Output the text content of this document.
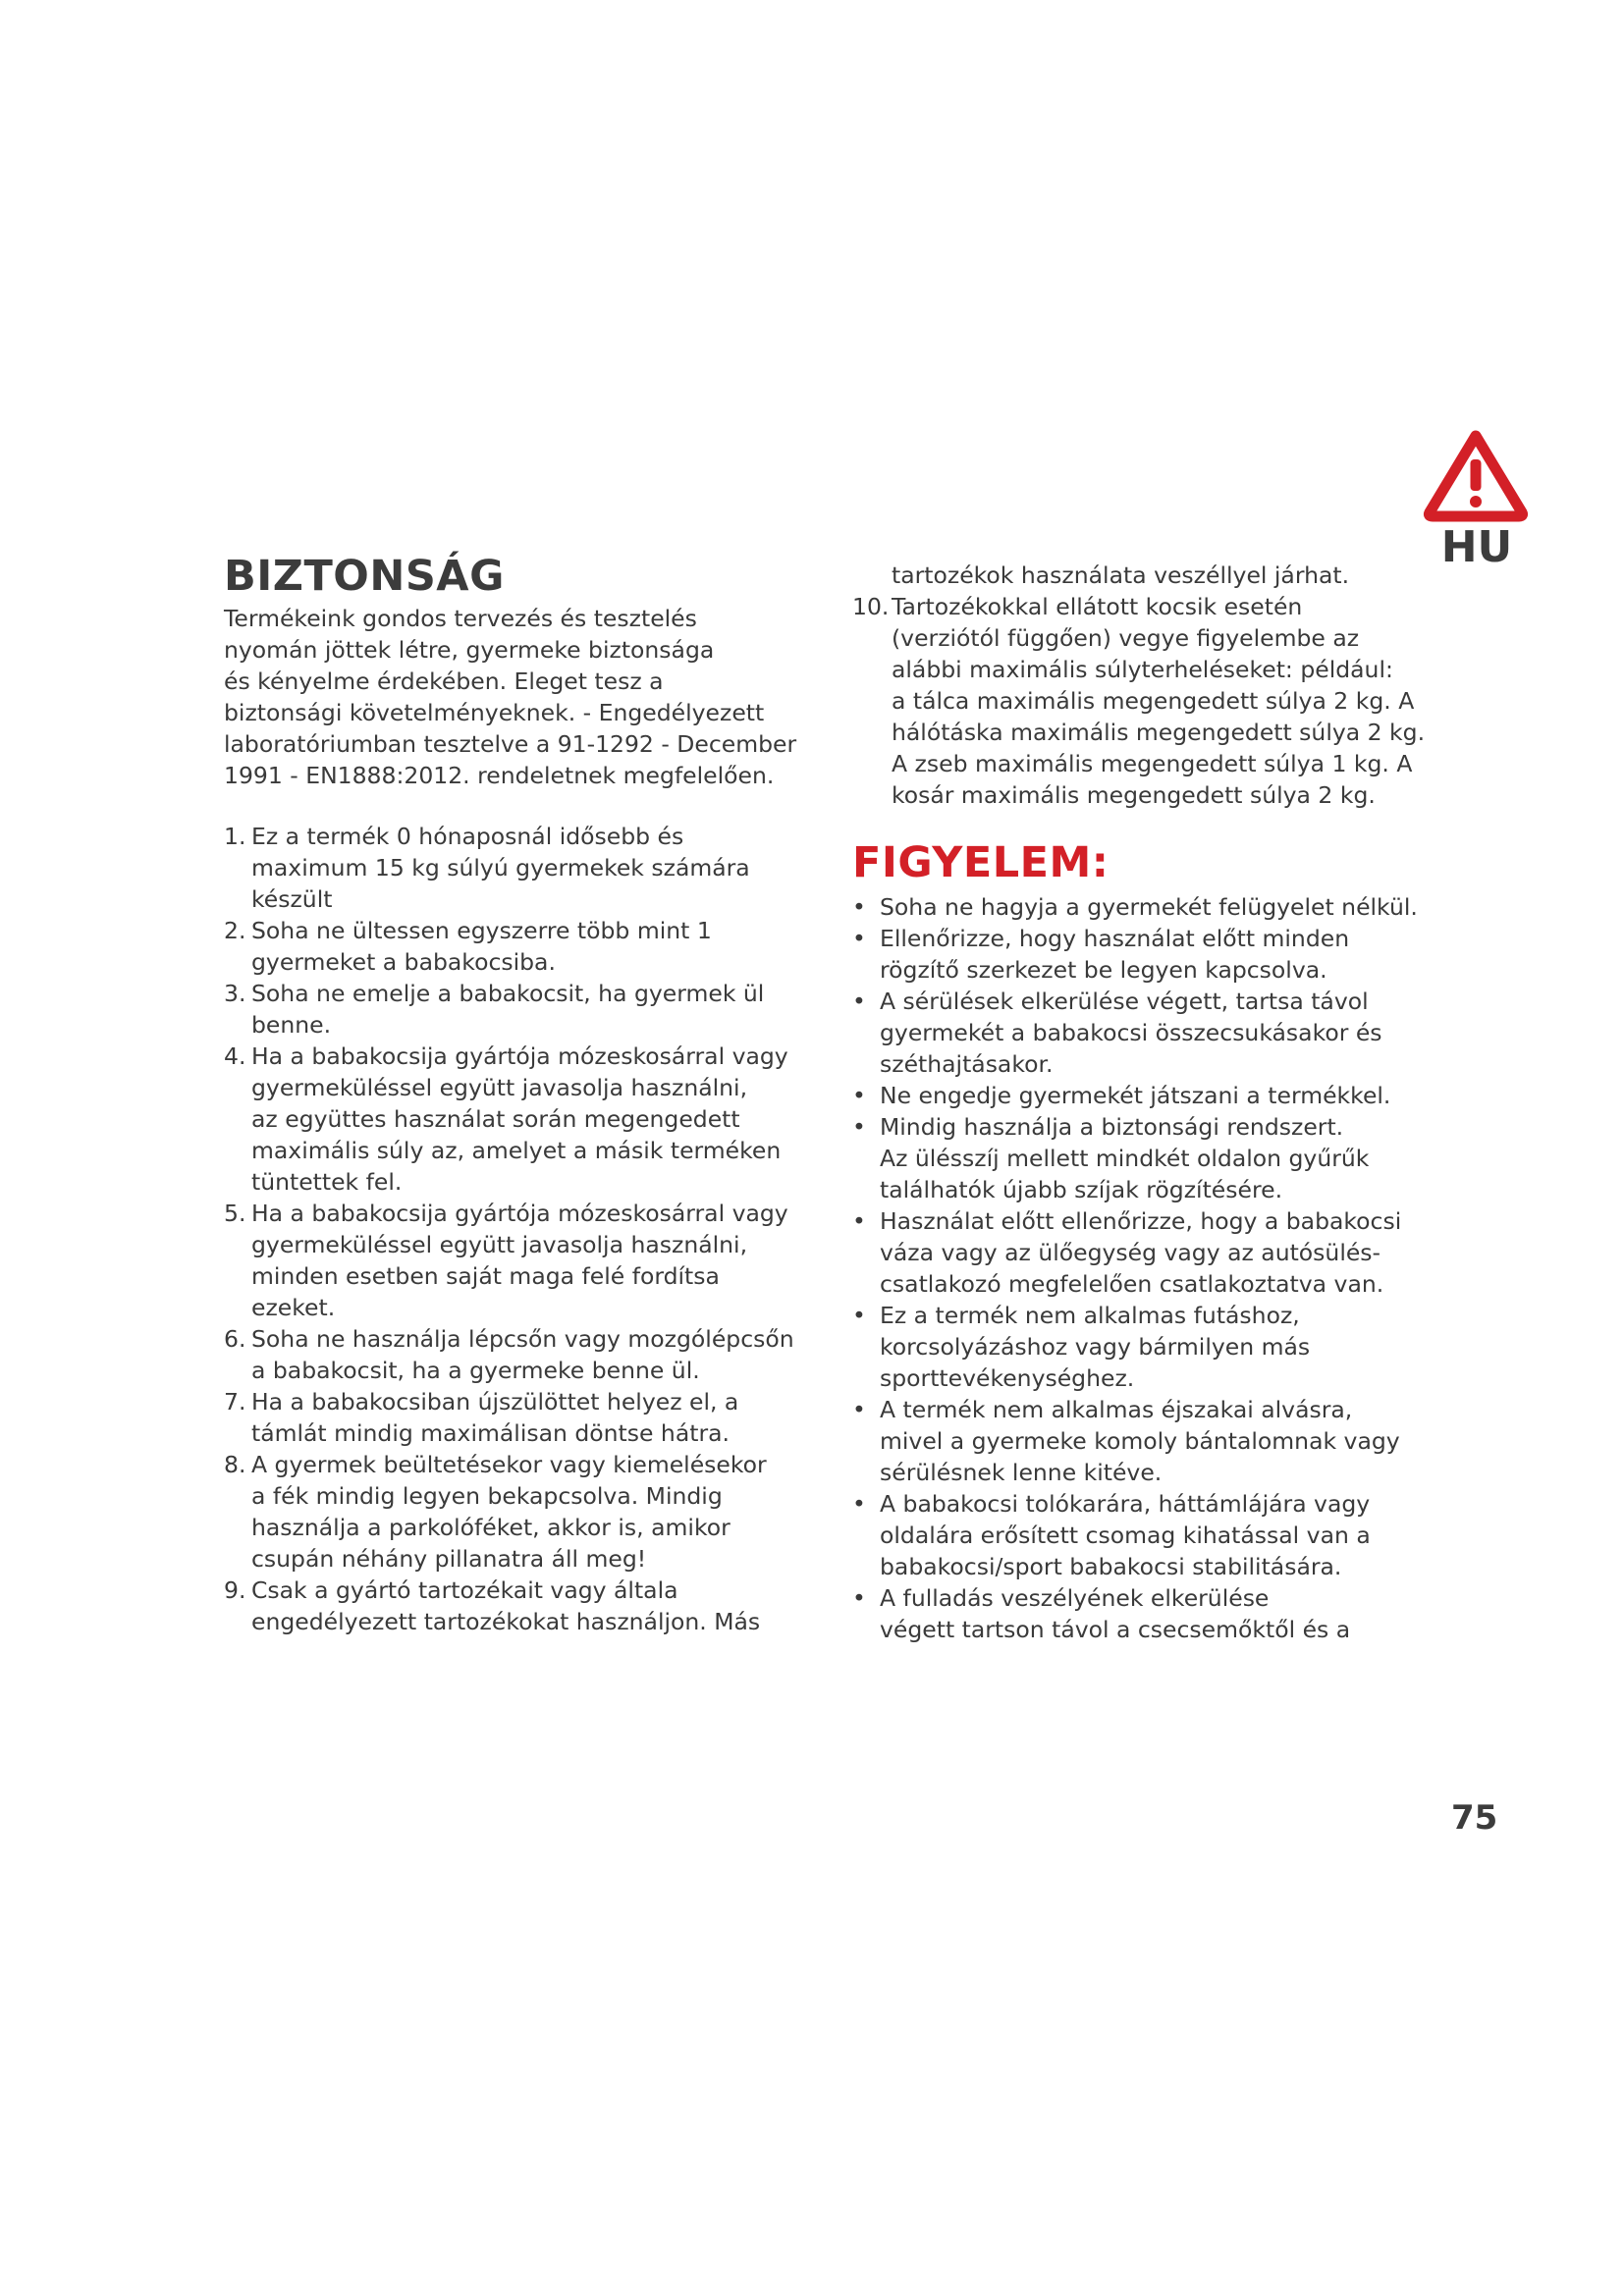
HU
BIZTONSÁG
Termékeink gondos tervezés és tesztelés
nyomán jöttek létre, gyermeke biztonsága
és kényelme érdekében. Eleget tesz a
biztonsági követelményeknek. - Engedélyezett
laboratóriumban tesztelve a 91-1292 - December
1991 - EN1888:2012. rendeletnek megfelelően.
1. Ez a termék 0 hónaposnál idősebb és
maximum 15 kg súlyú gyermekek számára
készült
2. Soha ne ültessen egyszerre több mint 1
gyermeket a babakocsiba.
3. Soha ne emelje a babakocsit, ha gyermek ül
benne.
4. Ha a babakocsija gyártója mózeskosárral vagy
gyermeküléssel együtt javasolja használni,
az együttes használat során megengedett
maximális súly az, amelyet a másik terméken
tüntettek fel.
5. Ha a babakocsija gyártója mózeskosárral vagy
gyermeküléssel együtt javasolja használni,
minden esetben saját maga felé fordítsa
ezeket.
6. Soha ne használja lépcsőn vagy mozgólépcsőn
a babakocsit, ha a gyermeke benne ül.
7. Ha a babakocsiban újszülöttet helyez el, a
támlát mindig maximálisan döntse hátra.
8. A gyermek beültetésekor vagy kiemelésekor
a fék mindig legyen bekapcsolva. Mindig
használja a parkolóféket, akkor is, amikor
csupán néhány pillanatra áll meg!
9. Csak a gyártó tartozékait vagy általa
engedélyezett tartozékokat használjon. Más
tartozékok használata veszéllyel járhat.
10. Tartozékokkal ellátott kocsik esetén
(verziótól függően) vegye figyelembe az
alábbi maximális súlyterheléseket: például:
a tálca maximális megengedett súlya 2 kg. A
hálótáska maximális megengedett súlya 2 kg.
A zseb maximális megengedett súlya 1 kg. A
kosár maximális megengedett súlya 2 kg.
FIGYELEM:
• Soha ne hagyja a gyermekét felügyelet nélkül.
• Ellenőrizze, hogy használat előtt minden
rögzítő szerkezet be legyen kapcsolva.
• A sérülések elkerülése végett, tartsa távol
gyermekét a babakocsi összecsukásakor és
széthajtásakor.
• Ne engedje gyermekét játszani a termékkel.
• Mindig használja a biztonsági rendszert.
Az ülésszíj mellett mindkét oldalon gyűrűk
találhatók újabb szíjak rögzítésére.
• Használat előtt ellenőrizze, hogy a babakocsi
váza vagy az ülőegység vagy az autósülés-
csatlakozó megfelelően csatlakoztatva van.
• Ez a termék nem alkalmas futáshoz,
korcsolyázáshoz vagy bármilyen más
sporttevékenységhez.
• A termék nem alkalmas éjszakai alvásra,
mivel a gyermeke komoly bántalomnak vagy
sérülésnek lenne kitéve.
• A babakocsi tolókarára, háttámlájára vagy
oldalára erősített csomag kihatással van a
babakocsi/sport babakocsi stabilitására.
• A fulladás veszélyének elkerülése
végett tartson távol a csecsemőktől és a
75
